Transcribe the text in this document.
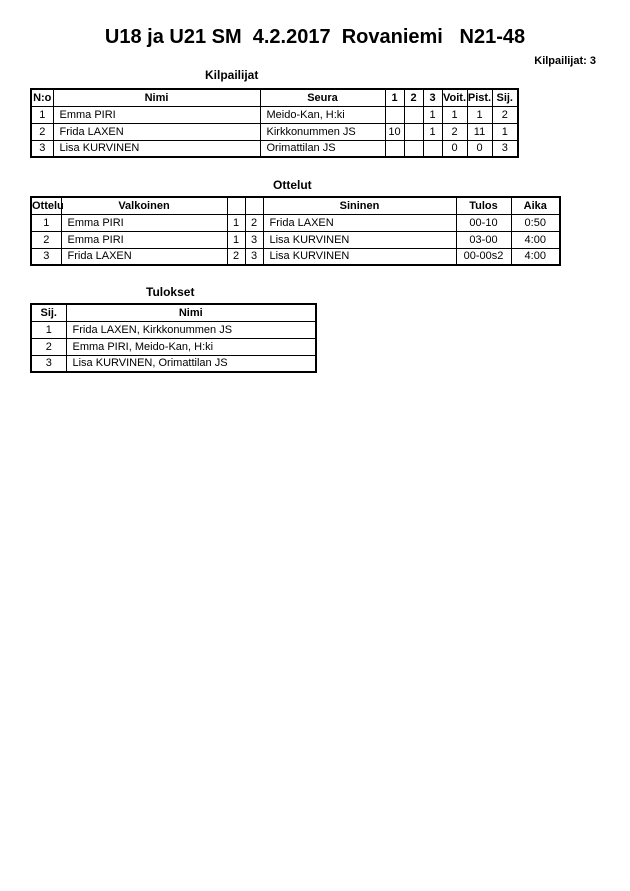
U18 ja U21 SM  4.2.2017  Rovaniemi   N21-48
Kilpailijat: 3
Kilpailijat
N:o	Nimi	Seura	1	2	3	Voit.	Pist.	Sij.
1	Emma PIRI	Meido-Kan, H:ki			1	1	1	2
2	Frida LAXEN	Kirkkonummen JS	10		1	2	11	1
3	Lisa KURVINEN	Orimattilan JS				0	0	3
Ottelut
Ottelu	Valkoinen			Sininen	Tulos	Aika
1	Emma PIRI	1	2	Frida LAXEN	00-10	0:50
2	Emma PIRI	1	3	Lisa KURVINEN	03-00	4:00
3	Frida LAXEN	2	3	Lisa KURVINEN	00-00s2	4:00
Tulokset
Sij.	Nimi
1	Frida LAXEN, Kirkkonummen JS
2	Emma PIRI, Meido-Kan, H:ki
3	Lisa KURVINEN, Orimattilan JS
